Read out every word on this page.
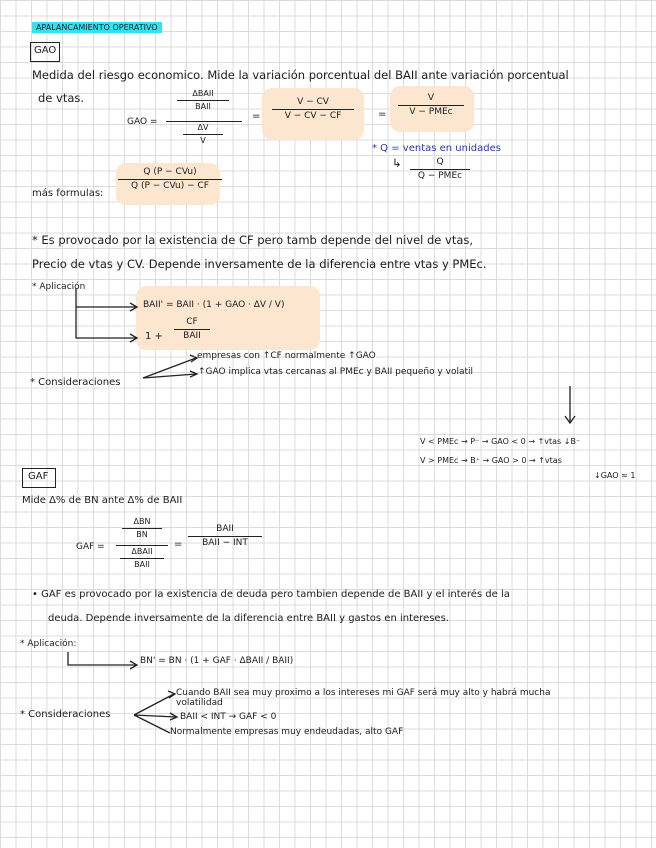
APALANCAMIENTO OPERATIVO
GAO
Medida del riesgo economico. Mide la variación porcentual del BAII ante variación porcentual
de vtas.
GAO =
ΔBAII
BAII
ΔV
V
=
V − CV
V − CV − CF	=
V
V − PMEᴄ
* Q = ventas en unidades
↳	Q
Q − PMEᴄ
más formulas:
Q (P − CVu)
Q (P − CVu) − CF
* Es provocado por la existencia de CF pero tamb depende del nivel de vtas,
Precio de vtas y CV. Depende inversamente de la diferencia entre vtas y PMEᴄ.
* Aplicación
BAII' = BAII · (1 + GAO · ΔV / V)
1 +
CF
BAII
* Consideraciones
empresas con ↑CF normalmente ↑GAO
↑GAO implica vtas cercanas al PMEᴄ y BAII pequeño y volatil
V < PMEᴄ → P⁻ → GAO < 0 → ↑vtas ↓B⁻
V > PMEᴄ → B⁺ → GAO > 0 → ↑vtas
↓GAO ≈ 1
GAF
Mide Δ% de BN ante Δ% de BAII
GAF =
ΔBN
BN
ΔBAII
BAII
=
BAII
BAII − INT
• GAF es provocado por la existencia de deuda pero tambien depende de BAII y el interés de la
deuda. Depende inversamente de la diferencia entre BAII y gastos en intereses.
* Aplicación:
BN' = BN · (1 + GAF · ΔBAII / BAII)
* Consideraciones
Cuando BAII sea muy proximo a los intereses mi GAF será muy alto y habrá mucha
volatilidad
BAII < INT → GAF < 0
Normalmente empresas muy endeudadas, alto GAF
